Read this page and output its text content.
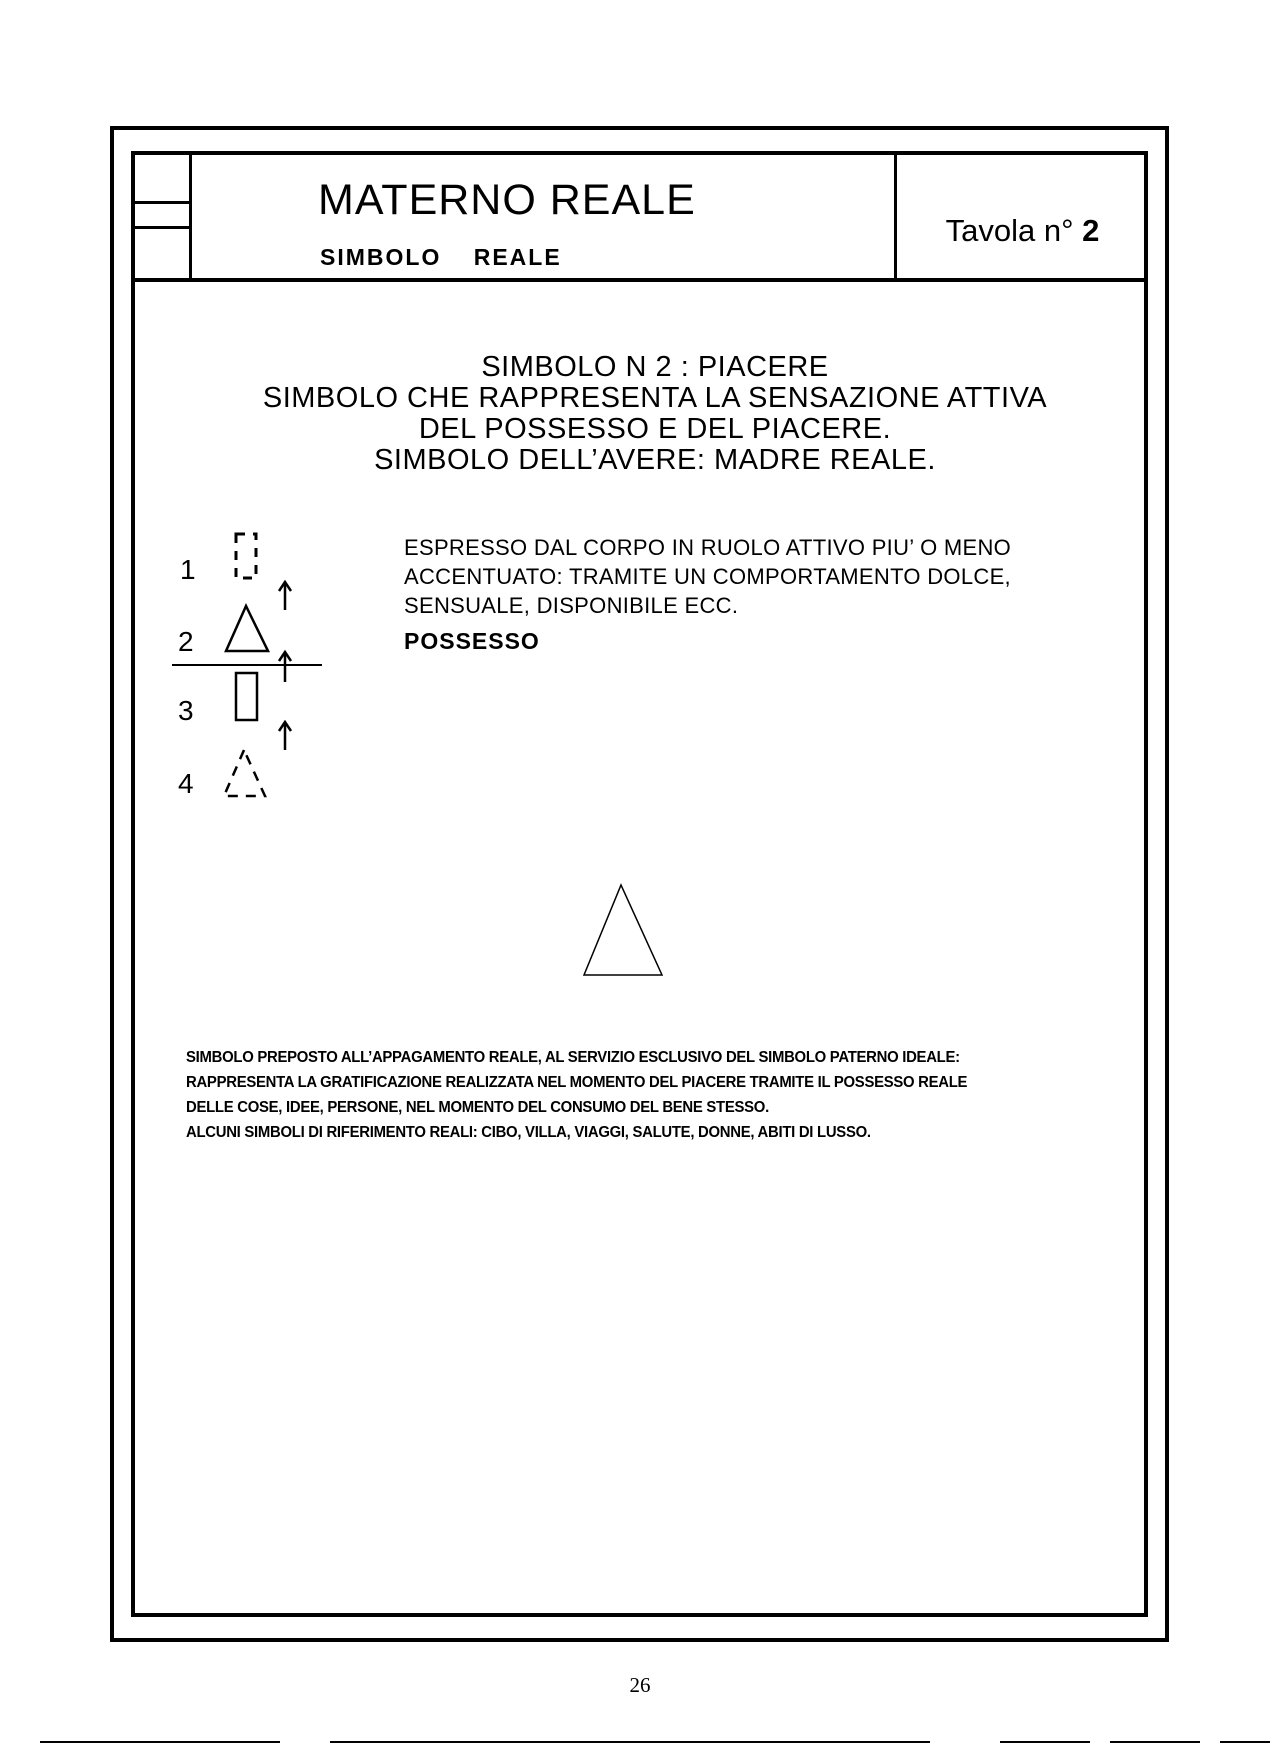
MATERNO REALE
SIMBOLO REALE
Tavola n° 2
SIMBOLO N 2 : PIACERE
SIMBOLO CHE RAPPRESENTA LA SENSAZIONE ATTIVA
DEL POSSESSO E DEL PIACERE.
SIMBOLO DELL’AVERE: MADRE REALE.
1
2
3
4
ESPRESSO DAL CORPO IN RUOLO ATTIVO PIU’ O MENO
ACCENTUATO: TRAMITE UN COMPORTAMENTO DOLCE,
SENSUALE, DISPONIBILE ECC.
POSSESSO
SIMBOLO PREPOSTO ALL’APPAGAMENTO REALE, AL SERVIZIO ESCLUSIVO DEL SIMBOLO PATERNO IDEALE:
RAPPRESENTA LA GRATIFICAZIONE REALIZZATA NEL MOMENTO DEL PIACERE TRAMITE IL POSSESSO REALE
DELLE COSE, IDEE, PERSONE, NEL MOMENTO DEL CONSUMO DEL BENE STESSO.
ALCUNI SIMBOLI DI RIFERIMENTO REALI: CIBO, VILLA, VIAGGI, SALUTE, DONNE, ABITI DI LUSSO.
26
